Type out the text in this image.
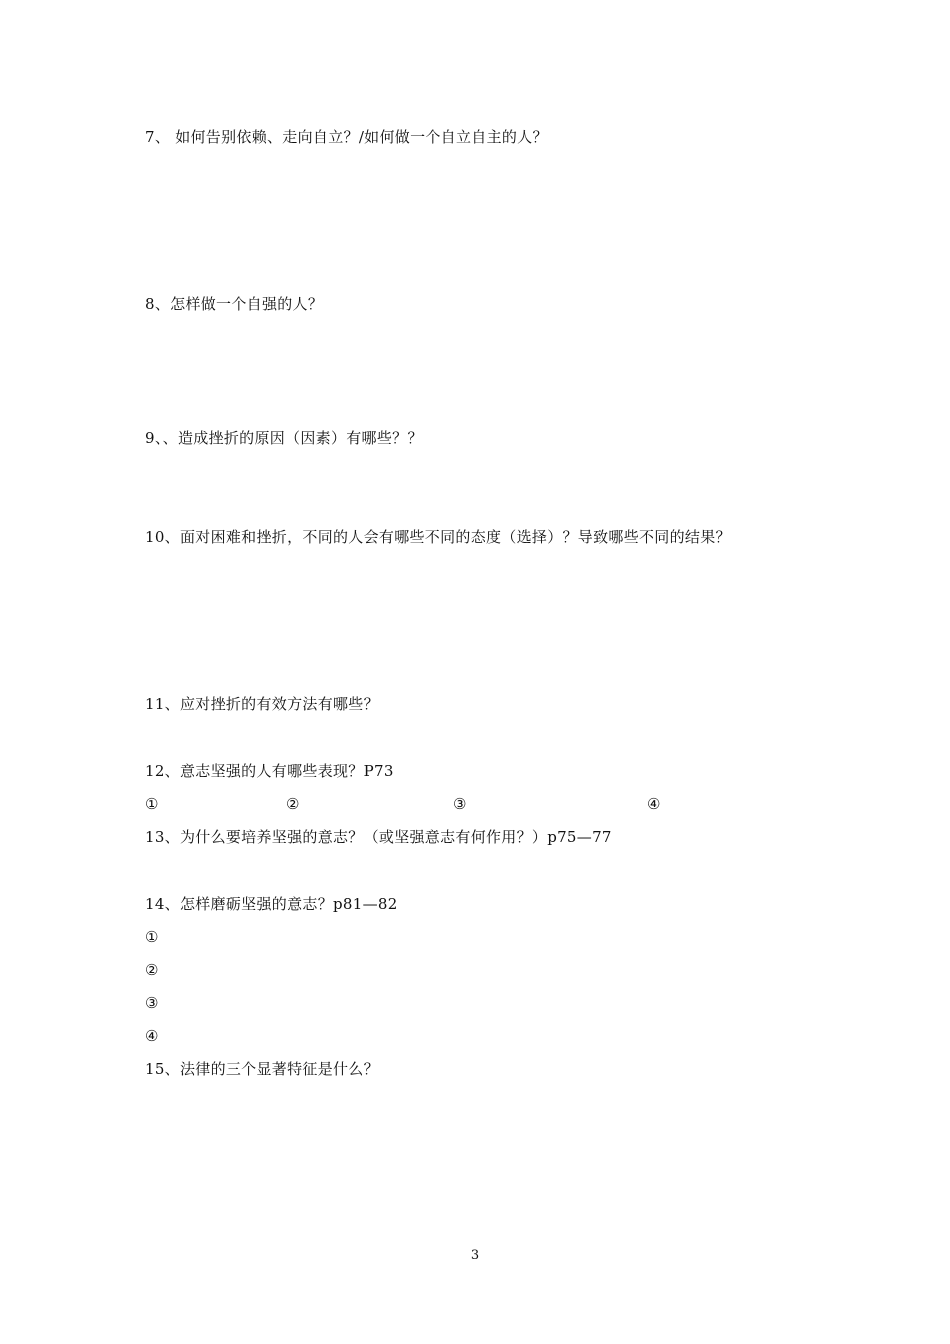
7、 如何告别依赖、走向自立？/如何做一个自立自主的人？
8、怎样做一个自强的人？
9、、造成挫折的原因（因素）有哪些？？
10、面对困难和挫折，不同的人会有哪些不同的态度（选择）？导致哪些不同的结果？
11、应对挫折的有效方法有哪些？
12、意志坚强的人有哪些表现？P73
①	②	③	④
13、为什么要培养坚强的意志？（或坚强意志有何作用？）p75—77
14、怎样磨砺坚强的意志？p81—82
①
②
③
④
15、法律的三个显著特征是什么？
3
